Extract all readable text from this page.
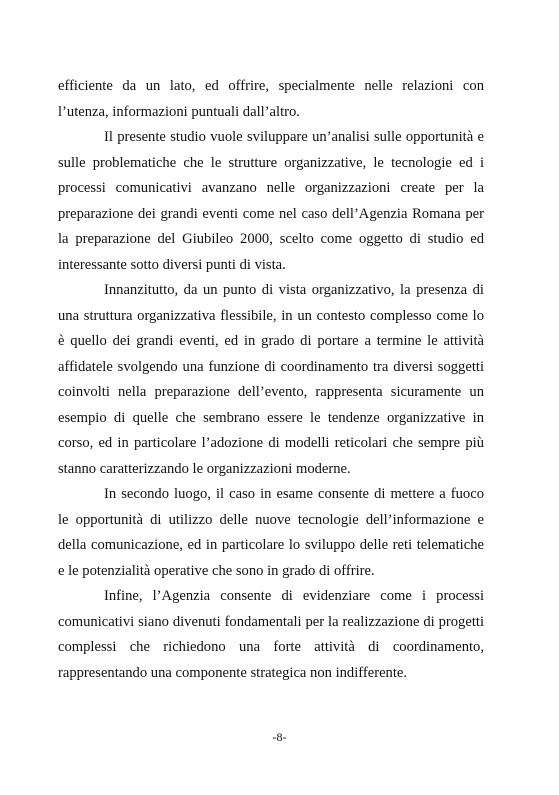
efficiente da un lato, ed offrire, specialmente nelle relazioni con
l’utenza, informazioni puntuali dall’altro.
Il presente studio vuole sviluppare un’analisi sulle opportunità e
sulle problematiche che le strutture organizzative, le tecnologie ed i
processi comunicativi avanzano nelle organizzazioni create per la
preparazione dei grandi eventi come nel caso dell’Agenzia Romana per
la preparazione del Giubileo 2000, scelto come oggetto di studio ed
interessante sotto diversi punti di vista.
Innanzitutto, da un punto di vista organizzativo, la presenza di
una struttura organizzativa flessibile, in un contesto complesso come lo
è quello dei grandi eventi, ed in grado di portare a termine le attività
affidatele svolgendo una funzione di coordinamento tra diversi soggetti
coinvolti nella preparazione dell’evento, rappresenta sicuramente un
esempio di quelle che sembrano essere le tendenze organizzative in
corso, ed in particolare l’adozione di modelli reticolari che sempre più
stanno caratterizzando le organizzazioni moderne.
In secondo luogo, il caso in esame consente di mettere a fuoco
le opportunità di utilizzo delle nuove tecnologie dell’informazione e
della comunicazione, ed in particolare lo sviluppo delle reti telematiche
e le potenzialità operative che sono in grado di offrire.
Infine, l’Agenzia consente di evidenziare come i processi
comunicativi siano divenuti fondamentali per la realizzazione di progetti
complessi che richiedono una forte attività di coordinamento,
rappresentando una componente strategica non indifferente.
-8-
